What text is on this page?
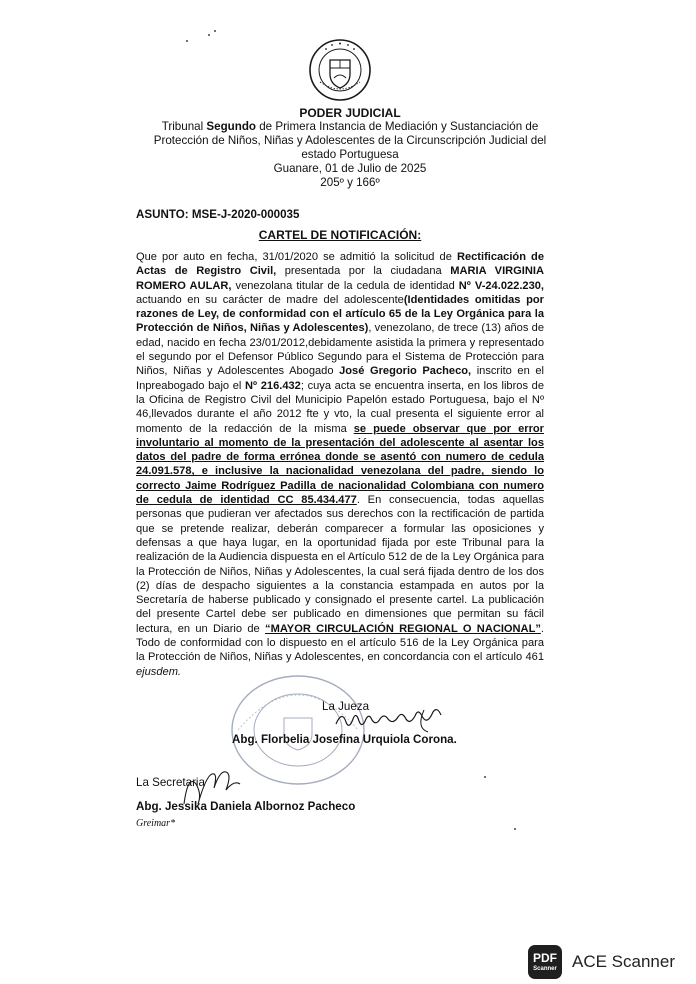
PODER JUDICIAL
Tribunal Segundo de Primera Instancia de Mediación y Sustanciación de
Protección de Niños, Niñas y Adolescentes de la Circunscripción Judicial del
estado Portuguesa
Guanare, 01 de Julio de 2025
205º y 166º
ASUNTO: MSE-J-2020-000035
CARTEL DE NOTIFICACIÓN:
Que por auto en fecha, 31/01/2020 se admitió la solicitud de Rectificación de Actas de Registro Civil, presentada por la ciudadana MARIA VIRGINIA ROMERO AULAR, venezolana titular de la cedula de identidad Nº V-24.022.230, actuando en su carácter de madre del adolescente(Identidades omitidas por razones de Ley, de conformidad con el artículo 65 de la Ley Orgánica para la Protección de Niños, Niñas y Adolescentes), venezolano, de trece (13) años de edad, nacido en fecha 23/01/2012,debidamente asistida la primera y representado el segundo por el Defensor Público Segundo para el Sistema de Protección para Niños, Niñas y Adolescentes Abogado José Gregorio Pacheco, inscrito en el Inpreabogado bajo el Nº 216.432; cuya acta se encuentra inserta, en los libros de la Oficina de Registro Civil del Municipio Papelón estado Portuguesa, bajo el Nº 46,llevados durante el año 2012 fte y vto, la cual presenta el siguiente error al momento de la redacción de la misma se puede observar que por error involuntario al momento de la presentación del adolescente al asentar los datos del padre de forma errónea donde se asentó con numero de cedula 24.091.578, e inclusive la nacionalidad venezolana del padre, siendo lo correcto Jaime Rodríguez Padilla de nacionalidad Colombiana con numero de cedula de identidad CC 85.434.477. En consecuencia, todas aquellas personas que pudieran ver afectados sus derechos con la rectificación de partida que se pretende realizar, deberán comparecer a formular las oposiciones y defensas a que haya lugar, en la oportunidad fijada por este Tribunal para la realización de la Audiencia dispuesta en el Artículo 512 de de la Ley Orgánica para la Protección de Niños, Niñas y Adolescentes, la cual será fijada dentro de los dos (2) días de despacho siguientes a la constancia estampada en autos por la Secretaría de haberse publicado y consignado el presente cartel. La publicación del presente Cartel debe ser publicado en dimensiones que permitan su fácil lectura, en un Diario de “MAYOR CIRCULACIÓN REGIONAL O NACIONAL”. Todo de conformidad con lo dispuesto en el artículo 516 de la Ley Orgánica para la Protección de Niños, Niñas y Adolescentes, en concordancia con el artículo 461 ejusdem.
La Jueza
Abg. Florbelia Josefina Urquiola Corona.
La Secretaria
Abg. Jessika Daniela Albornoz Pacheco
Greimar*
PDF
Scanner ACE Scanner
